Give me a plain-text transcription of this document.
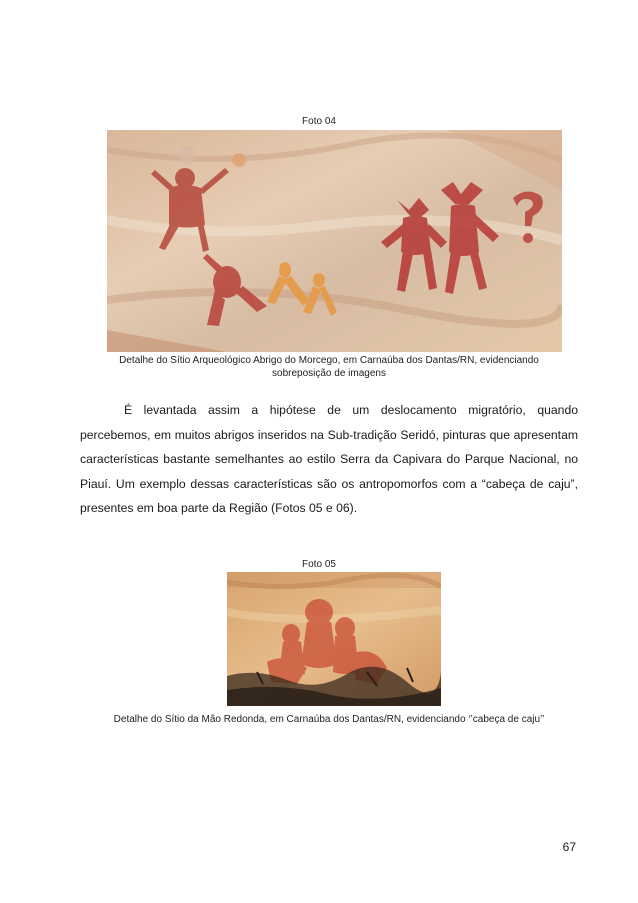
Foto 04
Detalhe do Sítio Arqueológico Abrigo do Morcego, em Carnaúba dos Dantas/RN, evidenciando
sobreposição de imagens

É levantada assim a hipótese de um deslocamento migratório, quando percebemos, em muitos abrigos inseridos na Sub-tradição Seridó, pinturas que apresentam características bastante semelhantes ao estilo Serra da Capivara do Parque Nacional, no Piauí. Um exemplo dessas características são os antropomorfos com a “cabeça de caju”, presentes em boa parte da Região (Fotos 05 e 06).

Foto 05
Detalhe do Sítio da Mão Redonda, em Carnaúba dos Dantas/RN, evidenciando ‘’cabeça de caju’’
67
